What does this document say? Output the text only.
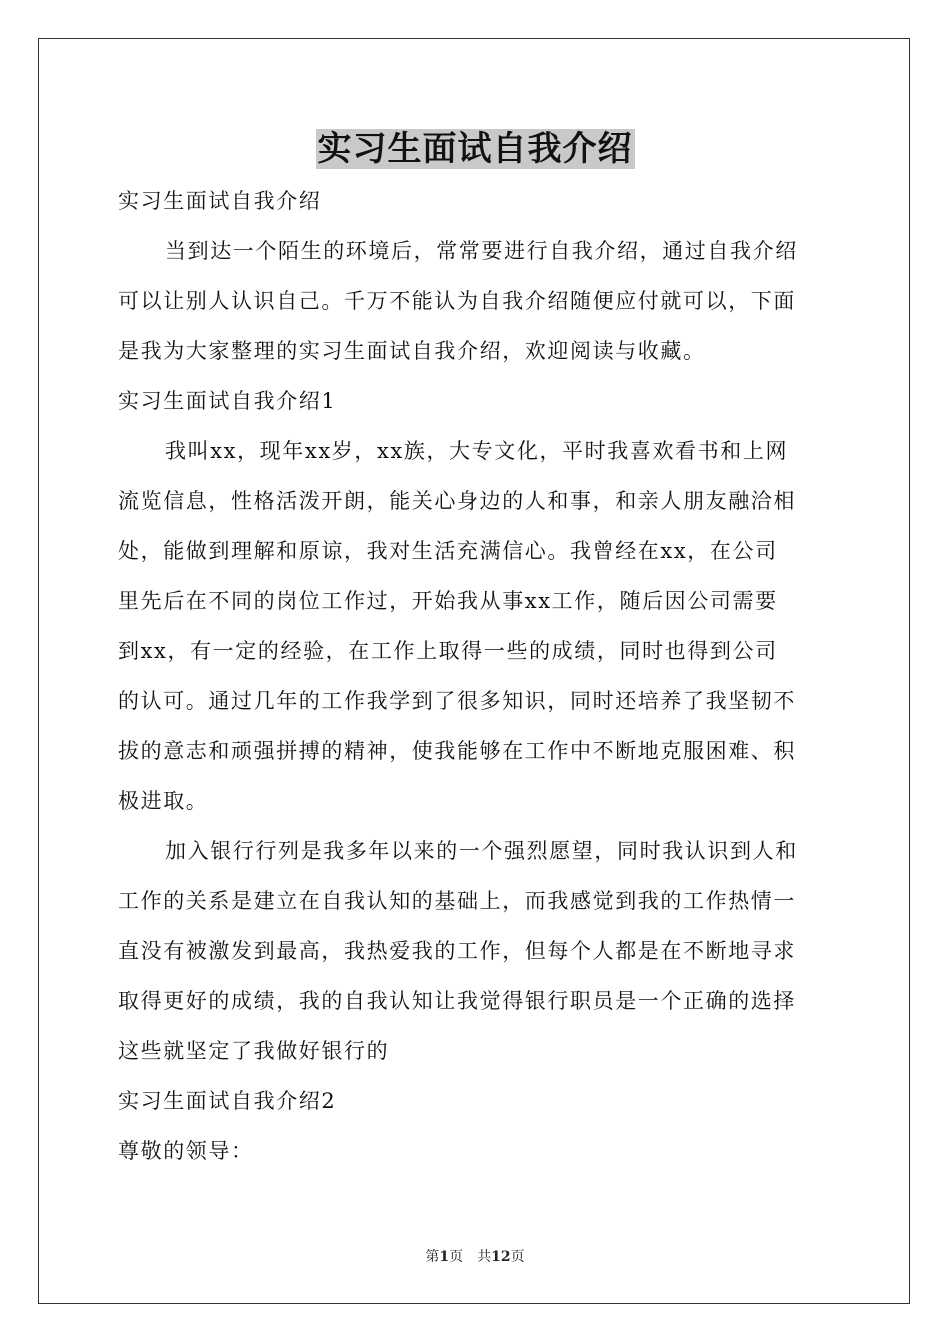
实习生面试自我介绍
实习生面试自我介绍
当到达一个陌生的环境后，常常要进行自我介绍，通过自我介绍
可以让别人认识自己。千万不能认为自我介绍随便应付就可以，下面
是我为大家整理的实习生面试自我介绍，欢迎阅读与收藏。
实习生面试自我介绍1
我叫xx，现年xx岁，xx族，大专文化，平时我喜欢看书和上网
流览信息，性格活泼开朗，能关心身边的人和事，和亲人朋友融洽相
处，能做到理解和原谅，我对生活充满信心。我曾经在xx，在公司
里先后在不同的岗位工作过，开始我从事xx工作，随后因公司需要
到xx，有一定的经验，在工作上取得一些的成绩，同时也得到公司
的认可。通过几年的工作我学到了很多知识，同时还培养了我坚韧不
拔的意志和顽强拼搏的精神，使我能够在工作中不断地克服困难、积
极进取。
加入银行行列是我多年以来的一个强烈愿望，同时我认识到人和
工作的关系是建立在自我认知的基础上，而我感觉到我的工作热情一
直没有被激发到最高，我热爱我的工作，但每个人都是在不断地寻求
取得更好的成绩，我的自我认知让我觉得银行职员是一个正确的选择
这些就坚定了我做好银行的
实习生面试自我介绍2
尊敬的领导：
第1页 共12页
